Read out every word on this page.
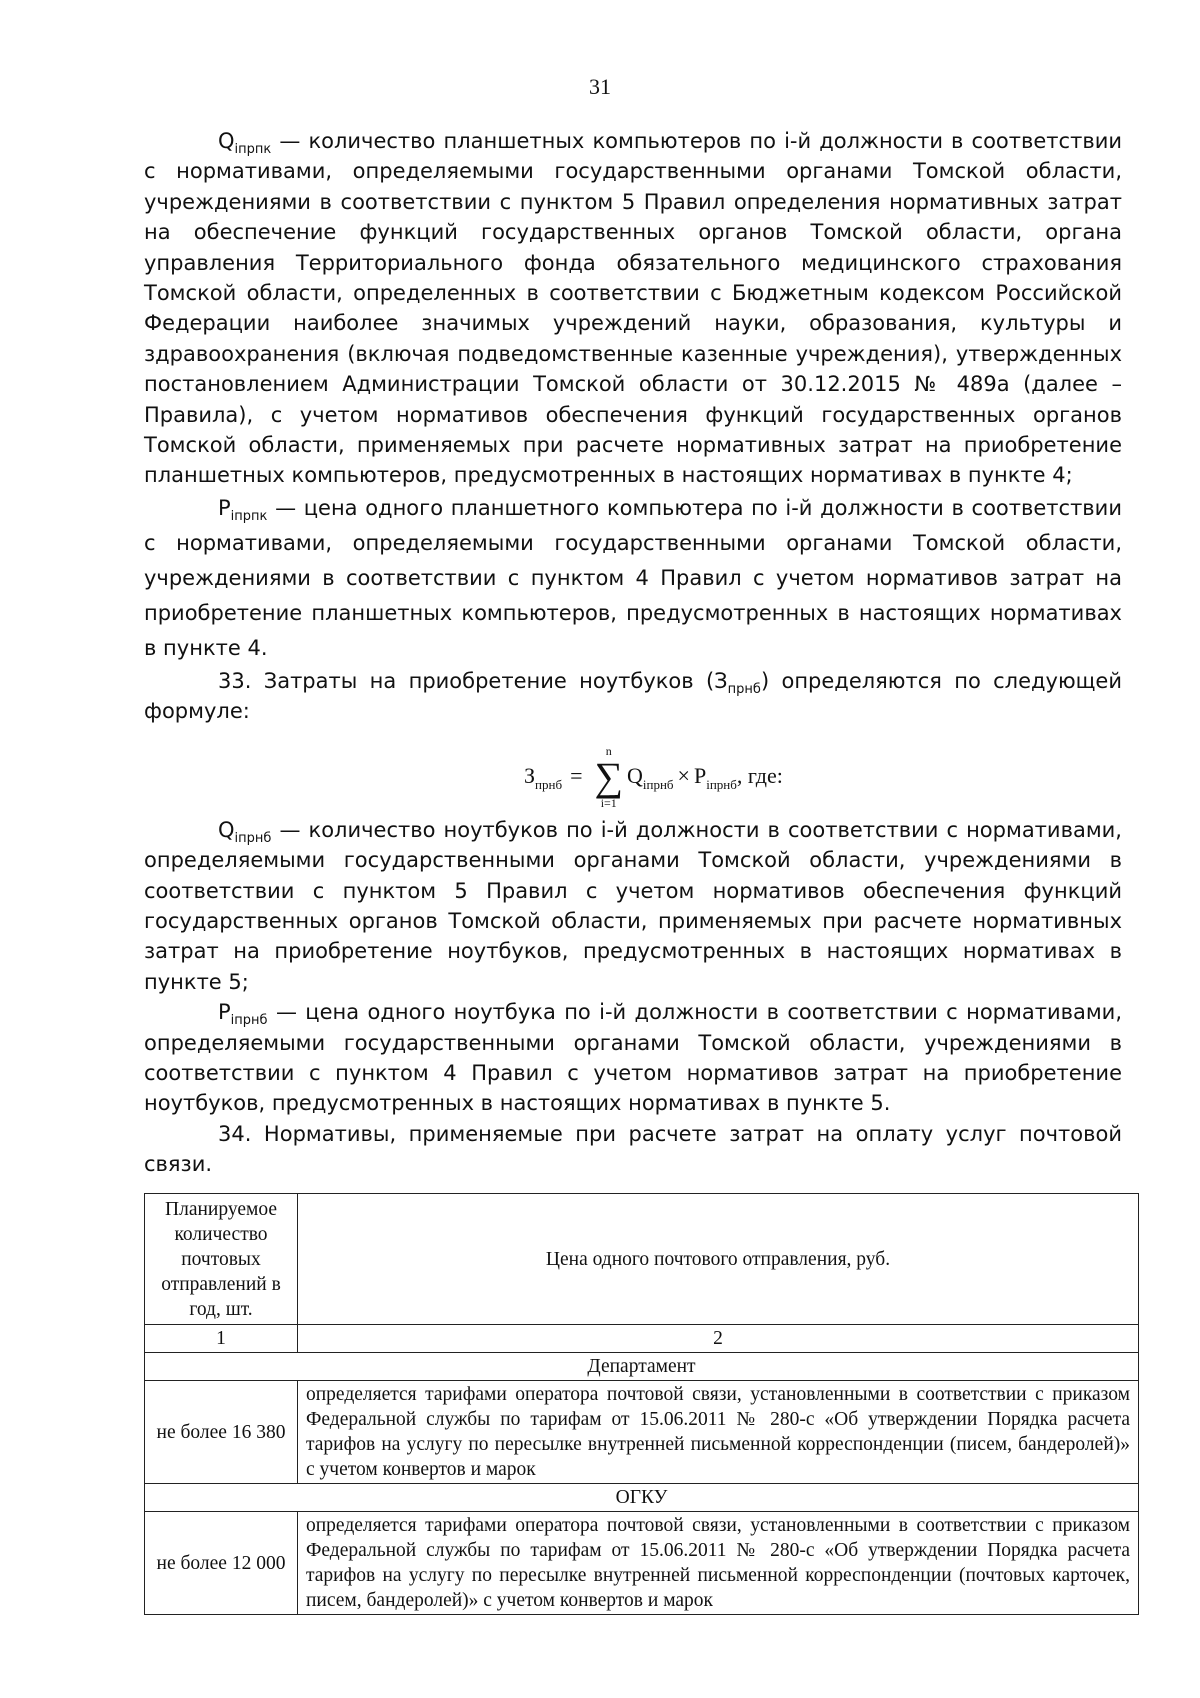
31

$Q_{iпрпк}$ — количество планшетных компьютеров по i-й должности в соответствии с нормативами, определяемыми государственными органами Томской области, учреждениями в соответствии с пунктом 5 Правил определения нормативных затрат на обеспечение функций государственных органов Томской области, органа управления Территориального фонда обязательного медицинского страхования Томской области, определенных в соответствии с Бюджетным кодексом Российской Федерации наиболее значимых учреждений науки, образования, культуры и здравоохранения (включая подведомственные казенные учреждения), утвержденных постановлением Администрации Томской области от 30.12.2015 № 489а (далее – Правила), с учетом нормативов обеспечения функций государственных органов Томской области, применяемых при расчете нормативных затрат на приобретение планшетных компьютеров, предусмотренных в настоящих нормативах в пункте 4;

$P_{iпрпк}$ — цена одного планшетного компьютера по i-й должности в соответствии с нормативами, определяемыми государственными органами Томской области, учреждениями в соответствии с пунктом 4 Правил с учетом нормативов затрат на приобретение планшетных компьютеров, предусмотренных в настоящих нормативах в пункте 4.

33. Затраты на приобретение ноутбуков $(З_{прнб})$ определяются по следующей формуле:

$З_{прнб}$ =
n
∑
i=1
$Q_{iпрнб} \times P_{iпрнб}$ , где:

$Q_{iпрнб}$ — количество ноутбуков по i-й должности в соответствии с нормативами, определяемыми государственными органами Томской области, учреждениями в соответствии с пунктом 5 Правил с учетом нормативов обеспечения функций государственных органов Томской области, применяемых при расчете нормативных затрат на приобретение ноутбуков, предусмотренных в настоящих нормативах в пункте 5;

$P_{iпрнб}$ — цена одного ноутбука по i-й должности в соответствии с нормативами, определяемыми государственными органами Томской области, учреждениями в соответствии с пунктом 4 Правил с учетом нормативов затрат на приобретение ноутбуков, предусмотренных в настоящих нормативах в пункте 5.

34. Нормативы, применяемые при расчете затрат на оплату услуг почтовой связи.

Планируемое количество почтовых отправлений в год, шт.	Цена одного почтового отправления, руб.
1	2
Департамент	
не более 16 380	определяется тарифами оператора почтовой связи, установленными в соответствии с приказом Федеральной службы по тарифам от 15.06.2011 № 280-с «Об утверждении Порядка расчета тарифов на услугу по пересылке внутренней письменной корреспонденции (писем, бандеролей)» с учетом конвертов и марок
ОГКУ	
не более 12 000	определяется тарифами оператора почтовой связи, установленными в соответствии с приказом Федеральной службы по тарифам от 15.06.2011 № 280-с «Об утверждении Порядка расчета тарифов на услугу по пересылке внутренней письменной корреспонденции (почтовых карточек, писем, бандеролей)» с учетом конвертов и марок
